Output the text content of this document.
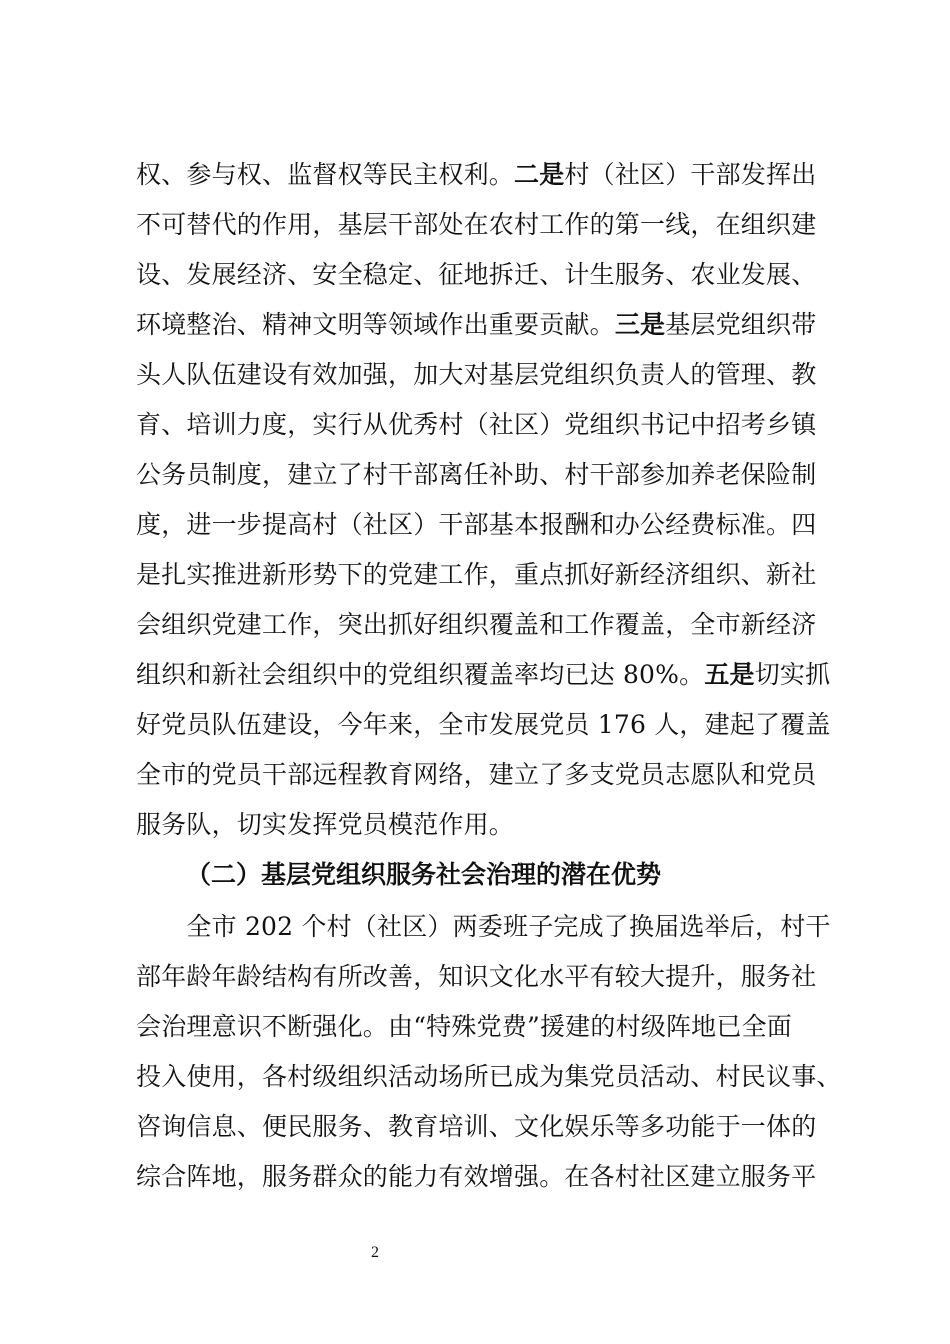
权、参与权、监督权等民主权利。二是村（社区）干部发挥出
不可替代的作用，基层干部处在农村工作的第一线，在组织建
设、发展经济、安全稳定、征地拆迁、计生服务、农业发展、
环境整治、精神文明等领域作出重要贡献。三是基层党组织带
头人队伍建设有效加强，加大对基层党组织负责人的管理、教
育、培训力度，实行从优秀村（社区）党组织书记中招考乡镇
公务员制度，建立了村干部离任补助、村干部参加养老保险制
度，进一步提高村（社区）干部基本报酬和办公经费标准。四
是扎实推进新形势下的党建工作，重点抓好新经济组织、新社
会组织党建工作，突出抓好组织覆盖和工作覆盖，全市新经济
组织和新社会组织中的党组织覆盖率均已达 80%。五是切实抓
好党员队伍建设，今年来，全市发展党员 176 人，建起了覆盖
全市的党员干部远程教育网络，建立了多支党员志愿队和党员
服务队，切实发挥党员模范作用。
（二）基层党组织服务社会治理的潜在优势
　　全市 202 个村（社区）两委班子完成了换届选举后，村干
部年龄年龄结构有所改善，知识文化水平有较大提升，服务社
会治理意识不断强化。由“特殊党费”援建的村级阵地已全面
投入使用，各村级组织活动场所已成为集党员活动、村民议事、
咨询信息、便民服务、教育培训、文化娱乐等多功能于一体的
综合阵地，服务群众的能力有效增强。在各村社区建立服务平
2
